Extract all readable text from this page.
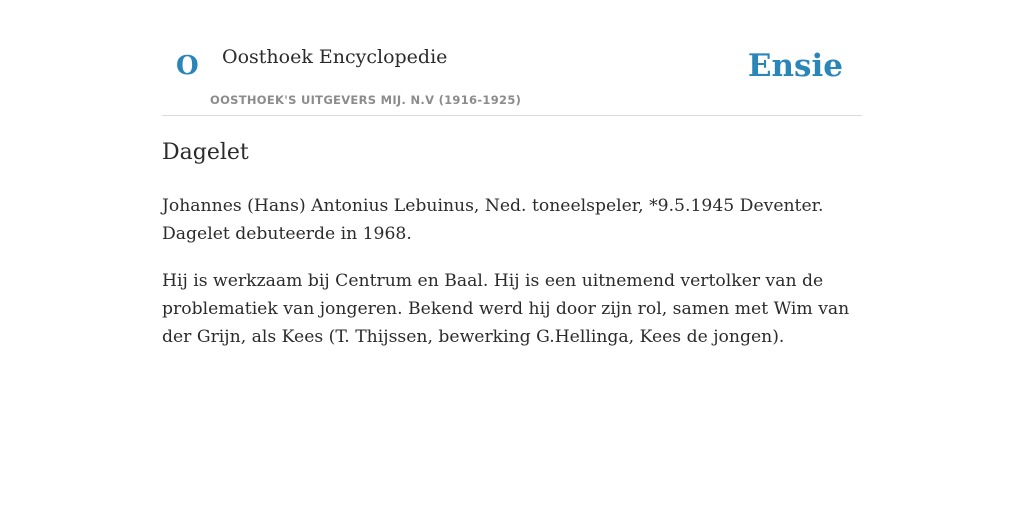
O Oosthoek Encyclopedie
OOSTHOEK'S UITGEVERS MIJ. N.V (1916-1925)
Ensie
Dagelet

Johannes (Hans) Antonius Lebuinus, Ned. toneelspeler, *9.5.1945 Deventer. Dagelet debuteerde in 1968.

Hij is werkzaam bij Centrum en Baal. Hij is een uitnemend vertolker van de problematiek van jongeren. Bekend werd hij door zijn rol, samen met Wim van der Grijn, als Kees (T. Thijssen, bewerking G.Hellinga, Kees de jongen).
